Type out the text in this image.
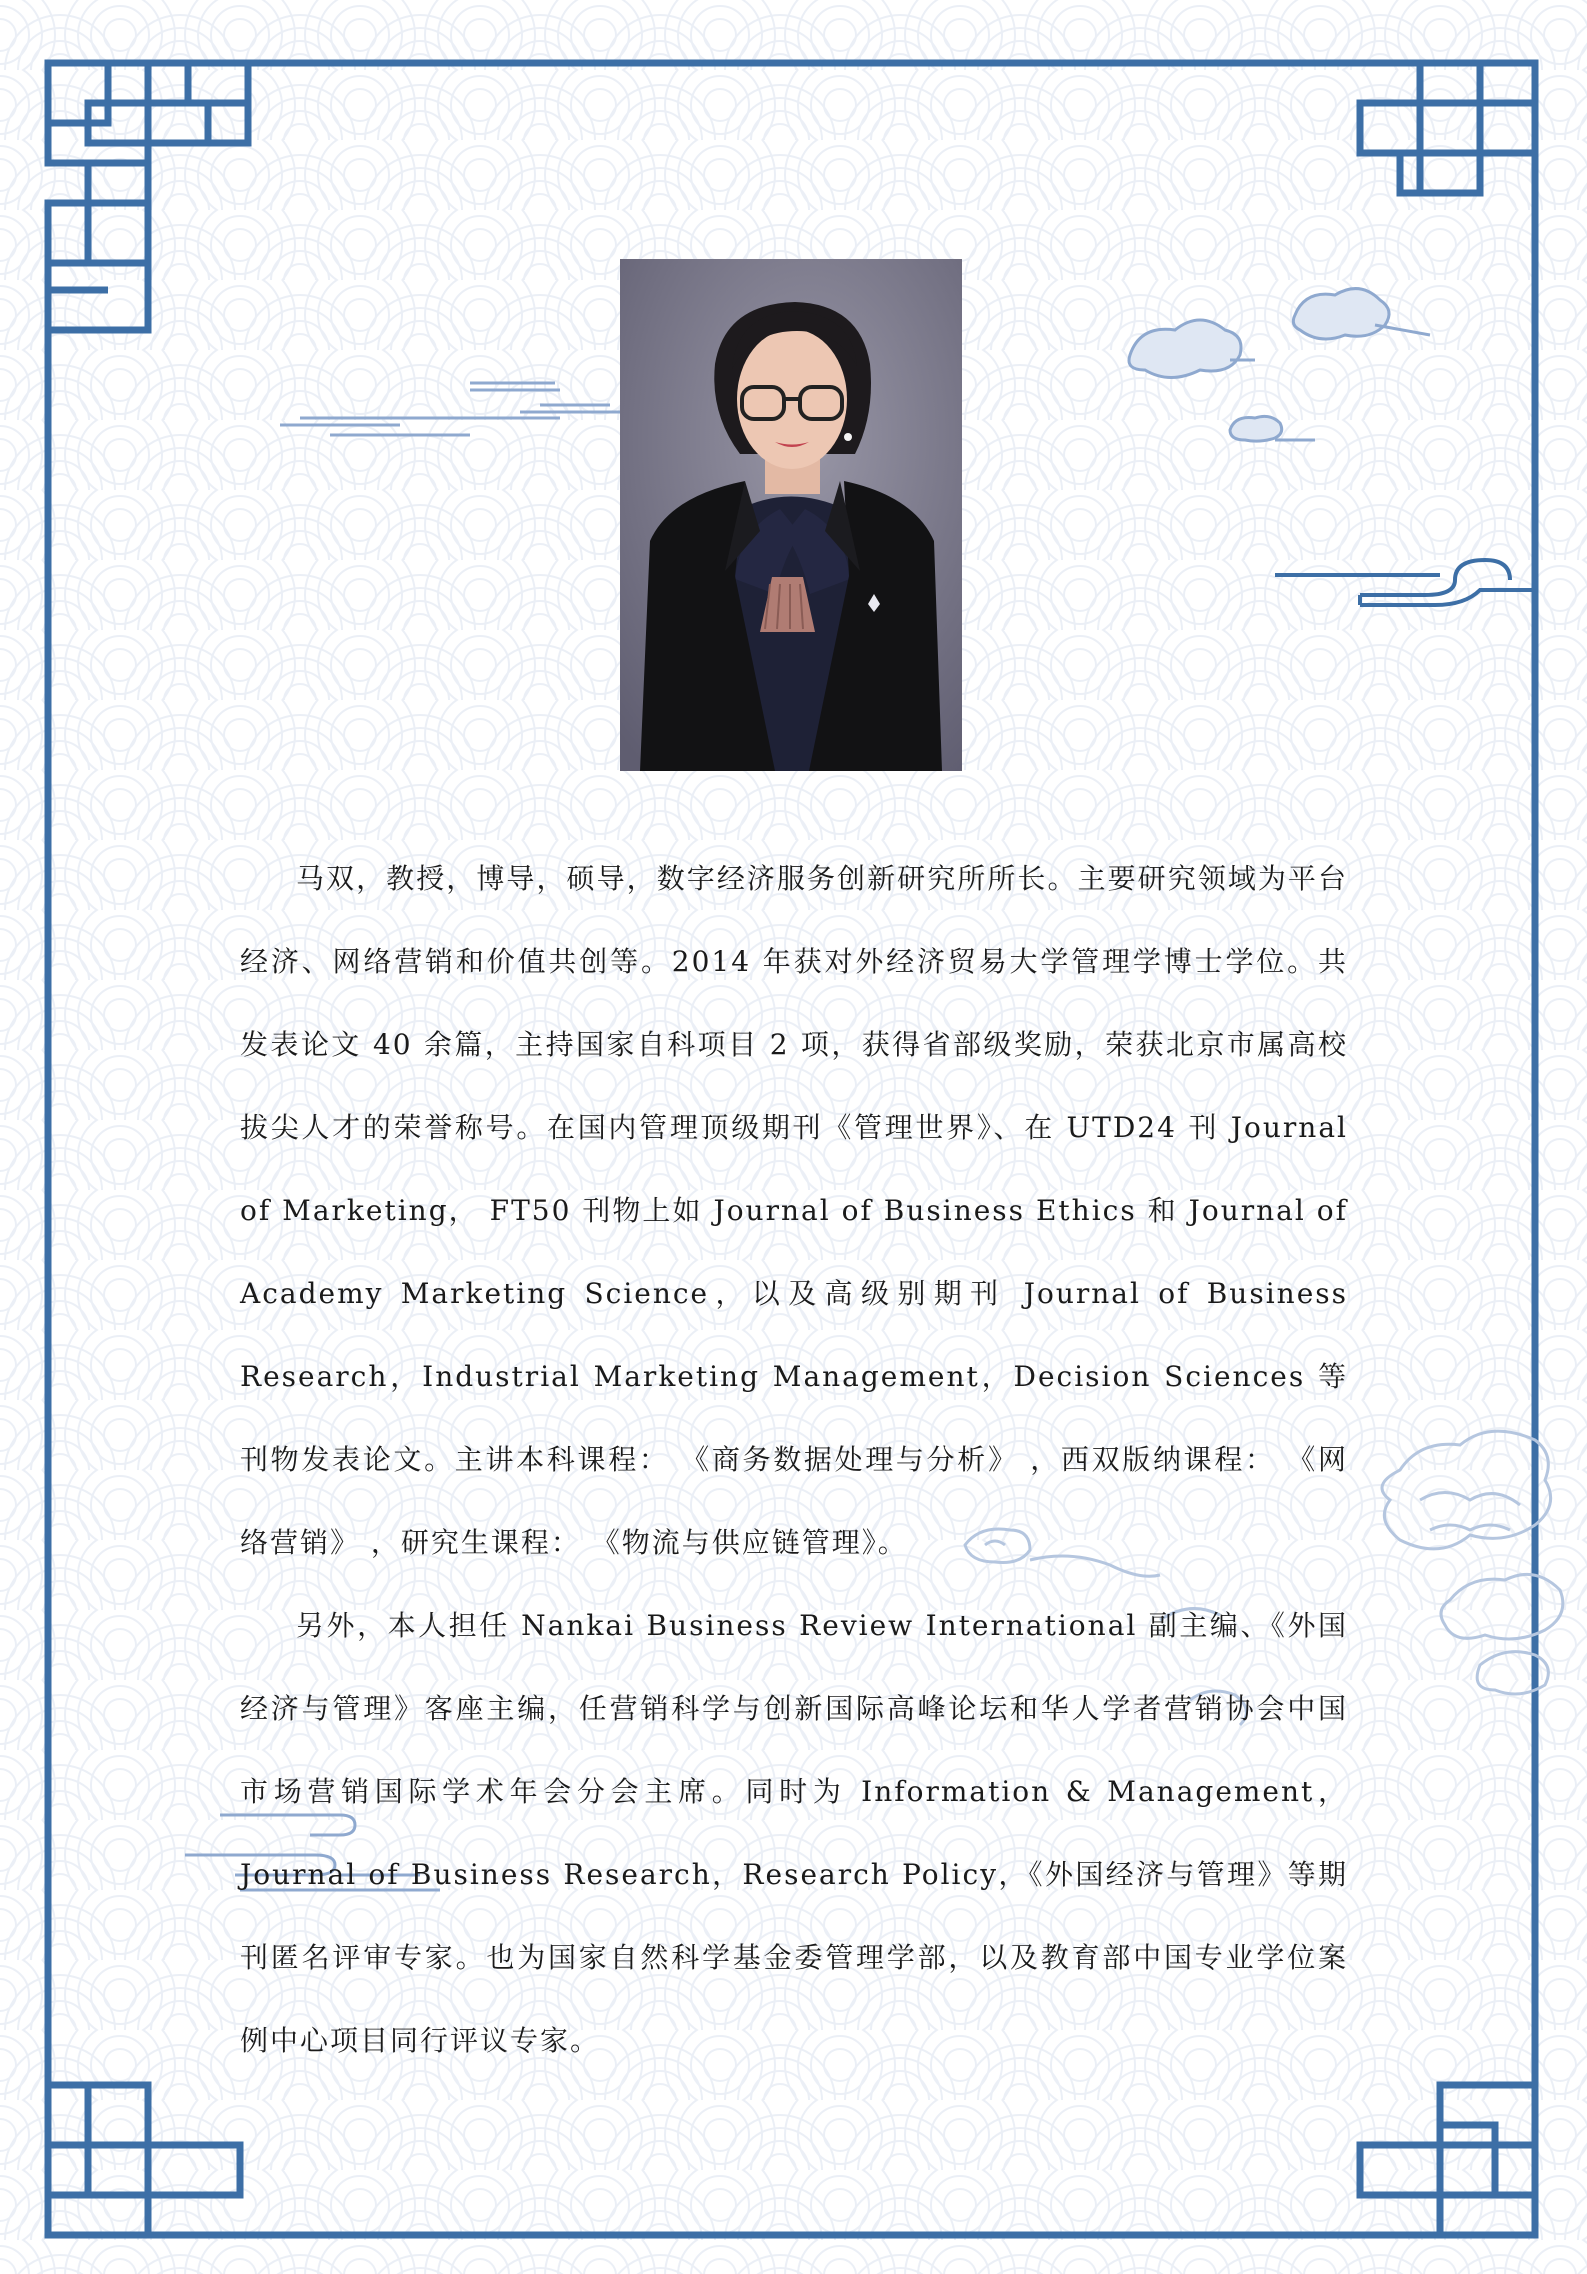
马双，教授，博导，硕导，数字经济服务创新研究所所长。主要研究领域为平台经济、网络营销和价值共创等。2014 年获对外经济贸易大学管理学博士学位。共发表论文 40 余篇，主持国家自科项目 2 项，获得省部级奖励，荣获北京市属高校拔尖人才的荣誉称号。在国内管理顶级期刊《管理世界》、在 UTD24 刊 Journal of Marketing， FT50 刊物上如 Journal of Business Ethics 和 Journal of Academy Marketing Science，以及高级别期刊 Journal of Business Research，Industrial Marketing Management，Decision Sciences 等刊物发表论文。主讲本科课程： 《商务数据处理与分析》 ，西双版纳课程： 《网络营销》 ，研究生课程： 《物流与供应链管理》。

另外，本人担任 Nankai Business Review International 副主编、《外国经济与管理》客座主编，任营销科学与创新国际高峰论坛和华人学者营销协会中国市场营销国际学术年会分会主席。同时为 Information & Management，Journal of Business Research，Research Policy，《外国经济与管理》等期刊匿名评审专家。也为国家自然科学基金委管理学部，以及教育部中国专业学位案例中心项目同行评议专家。
